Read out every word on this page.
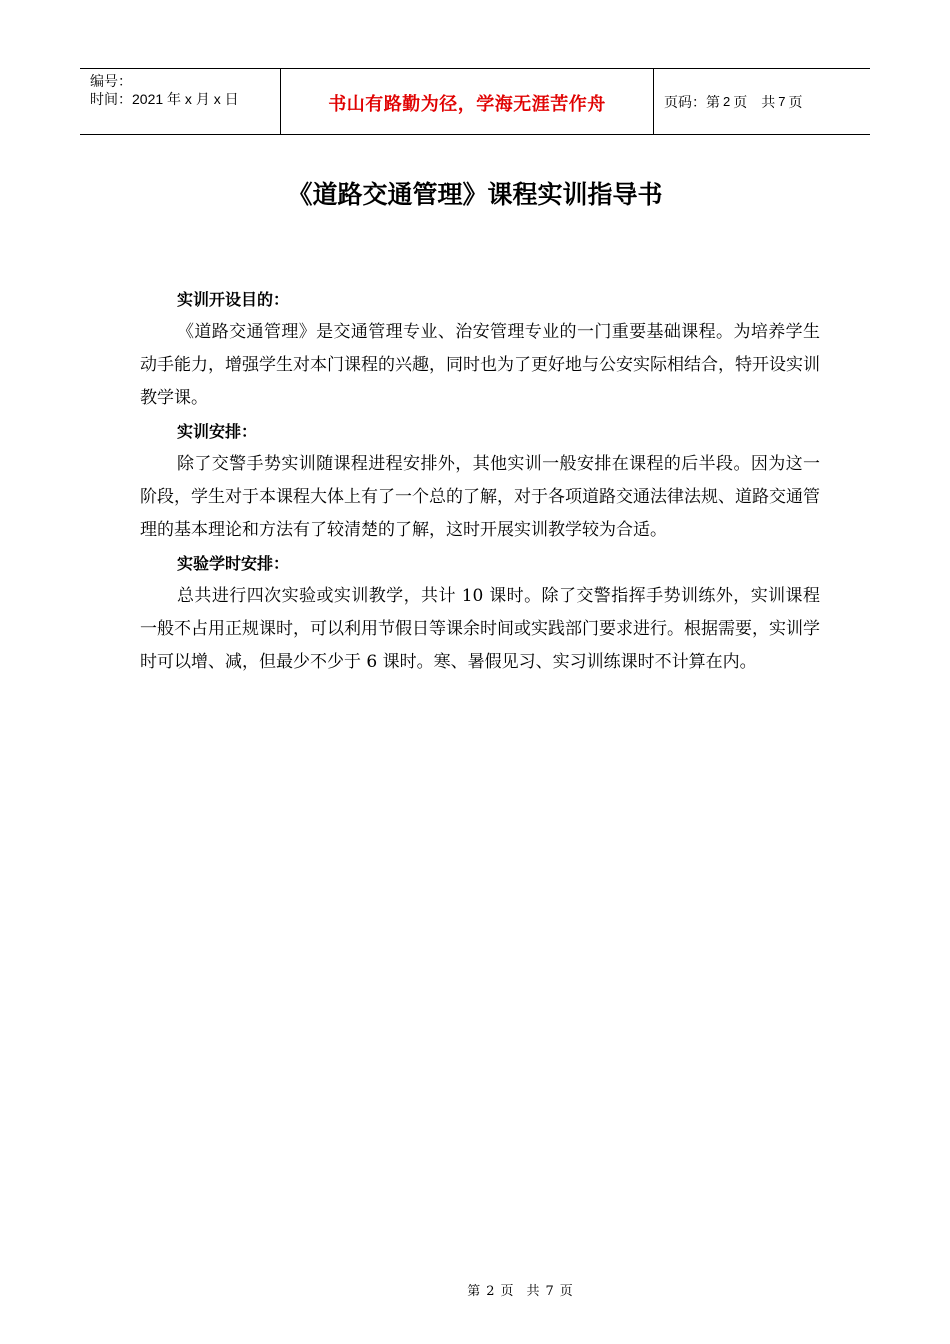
编号：
时间：2021 年 x 月 x 日	书山有路勤为径，学海无涯苦作舟	页码：第 2 页　共 7 页
《道路交通管理》课程实训指导书

实训开设目的：

《道路交通管理》是交通管理专业、治安管理专业的一门重要基础课程。为培养学生动手能力，增强学生对本门课程的兴趣，同时也为了更好地与公安实际相结合，特开设实训教学课。

实训安排：

除了交警手势实训随课程进程安排外，其他实训一般安排在课程的后半段。因为这一阶段，学生对于本课程大体上有了一个总的了解，对于各项道路交通法律法规、道路交通管理的基本理论和方法有了较清楚的了解，这时开展实训教学较为合适。

实验学时安排：

总共进行四次实验或实训教学，共计 10 课时。除了交警指挥手势训练外，实训课程一般不占用正规课时，可以利用节假日等课余时间或实践部门要求进行。根据需要，实训学时可以增、减，但最少不少于 6 课时。寒、暑假见习、实习训练课时不计算在内。

第 2 页　共 7 页
